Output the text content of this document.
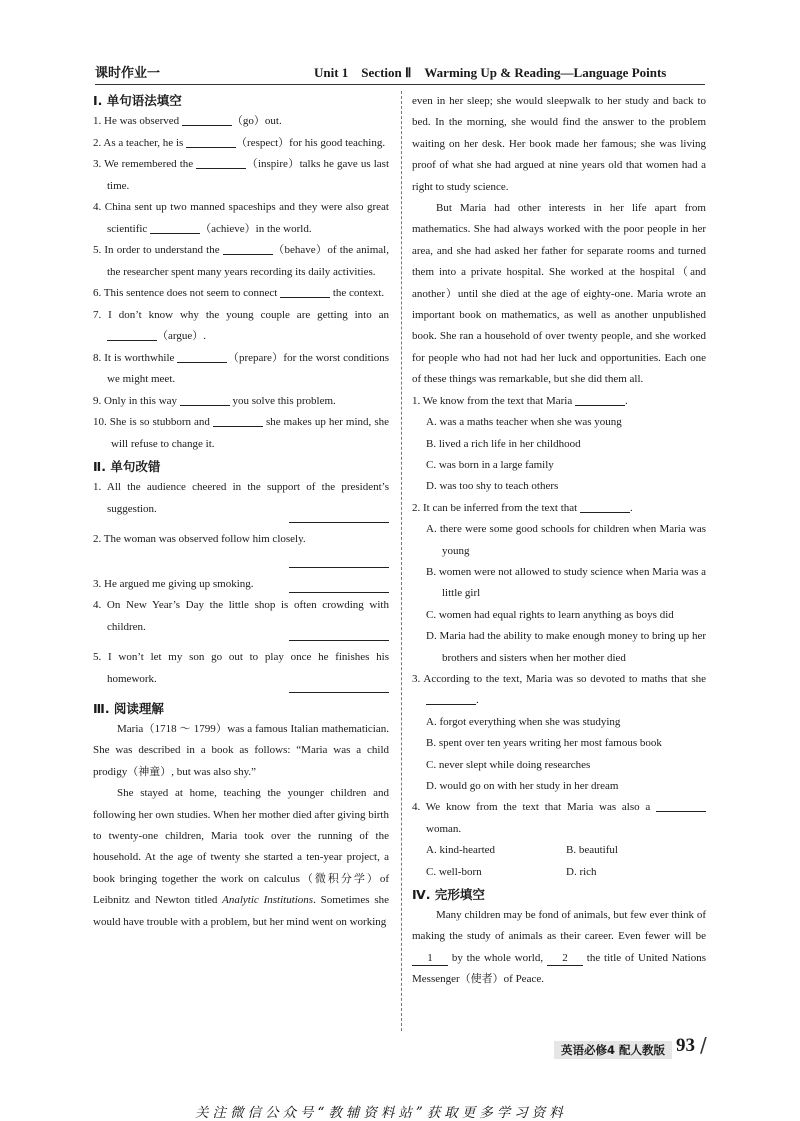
课时作业一	Unit 1　Section Ⅱ　Warming Up & Reading—Language Points
Ⅰ. 单句语法填空
1. He was observed	（go）out.
2. As a teacher, he is	（respect）for his good teaching.
3. We remembered the	（inspire）talks he gave us last time.
4. China sent up two manned spaceships and they were also great scientific	（achieve）in the world.
5. In order to understand the	（behave）of the animal, the researcher spent many years recording its daily activities.
6. This sentence does not seem to connect	the context.
7. I don’t know why the young couple are getting into an （argue）.
8. It is worthwhile	（prepare）for the worst conditions we might meet.
9. Only in this way	you solve this problem.
10. She is so stubborn and	she makes up her mind, she will refuse to change it.
Ⅱ. 单句改错
1. All the audience cheered in the support of the president’s suggestion.
2. The woman was observed follow him closely.
3. He argued me giving up smoking.
4. On New Year’s Day the little shop is often crowding with children.
5. I won’t let my son go out to play once he finishes his homework.
Ⅲ. 阅读理解
Maria（1718 ～ 1799）was a famous Italian mathematician. She was described in a book as follows: “Maria was a child prodigy（神童）, but was also shy.”
She stayed at home, teaching the younger children and following her own studies. When her mother died after giving birth to twenty-one children, Maria took over the running of the household. At the age of twenty she started a ten-year project, a book bringing together the work on calculus（微积分学）of Leibnitz and Newton titled Analytic Institutions. Sometimes she would have trouble with a problem, but her mind went on working
even in her sleep; she would sleepwalk to her study and back to bed. In the morning, she would find the answer to the problem waiting on her desk. Her book made her famous; she was living proof of what she had argued at nine years old that women had a right to study science.
But Maria had other interests in her life apart from mathematics. She had always worked with the poor people in her area, and she had asked her father for separate rooms and turned them into a private hospital. She worked at the hospital（and another）until she died at the age of eighty-one. Maria wrote an important book on mathematics, as well as another unpublished book. She ran a household of over twenty people, and she worked for people who had not had her luck and opportunities. Each one of these things was remarkable, but she did them all.
1. We know from the text that Maria	.
A. was a maths teacher when she was young
B. lived a rich life in her childhood
C. was born in a large family
D. was too shy to teach others
2. It can be inferred from the text that	.
A. there were some good schools for children when Maria was young
B. women were not allowed to study science when Maria was a little girl
C. women had equal rights to learn anything as boys did
D. Maria had the ability to make enough money to bring up her brothers and sisters when her mother died
3. According to the text, Maria was so devoted to maths that she .
A. forgot everything when she was studying
B. spent over ten years writing her most famous book
C. never slept while doing researches
D. would go on with her study in her dream
4. We know from the text that Maria was also a  woman.
A. kind-hearted	B. beautiful
C. well-born	D. rich
Ⅳ. 完形填空
Many children may be fond of animals, but few ever think of making the study of animals as their career. Even fewer will be 1 by the whole world, 2 the title of United Nations Messenger（使者）of Peace.
英语必修4 配人教版 93 /
关注微信公众号“教辅资料站”获取更多学习资料
